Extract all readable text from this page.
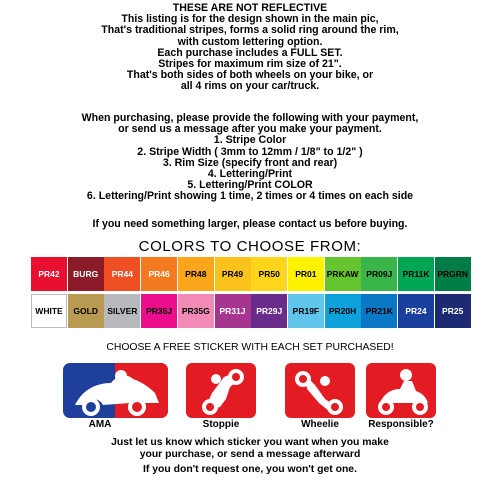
THESE ARE NOT REFLECTIVE
This listing is for the design shown in the main pic,
That's traditional stripes, forms a solid ring around the rim,
with custom lettering option.
Each purchase includes a FULL SET.
Stripes for maximum rim size of 21".
That's both sides of both wheels on your bike, or
all 4 rims on your car/truck.
When purchasing, please provide the following with your payment,
or send us a message after you make your payment.
1. Stripe Color
2. Stripe Width ( 3mm to 12mm / 1/8" to 1/2" )
3. Rim Size (specify front and rear)
4. Lettering/Print
5. Lettering/Print COLOR
6. Lettering/Print showing 1 time, 2 times or 4 times on each side
If you need something larger, please contact us before buying.
COLORS TO CHOOSE FROM:
PR42	BURG	PR44	PR46	PR48	PR49	PR50	PR01	PRKAW PR09J	PR11K PRGRN
WHITE	GOLD	SILVER	PR35J	PR35G	PR31J	PR29J	PR19F	PR20H	PR21K	PR24	PR25
CHOOSE A FREE STICKER WITH EACH SET PURCHASED!
AMA	Stoppie	Wheelie	Responsible?
Just let us know which sticker you want when you make
your purchase, or send a message afterward
If you don't request one, you won't get one.
